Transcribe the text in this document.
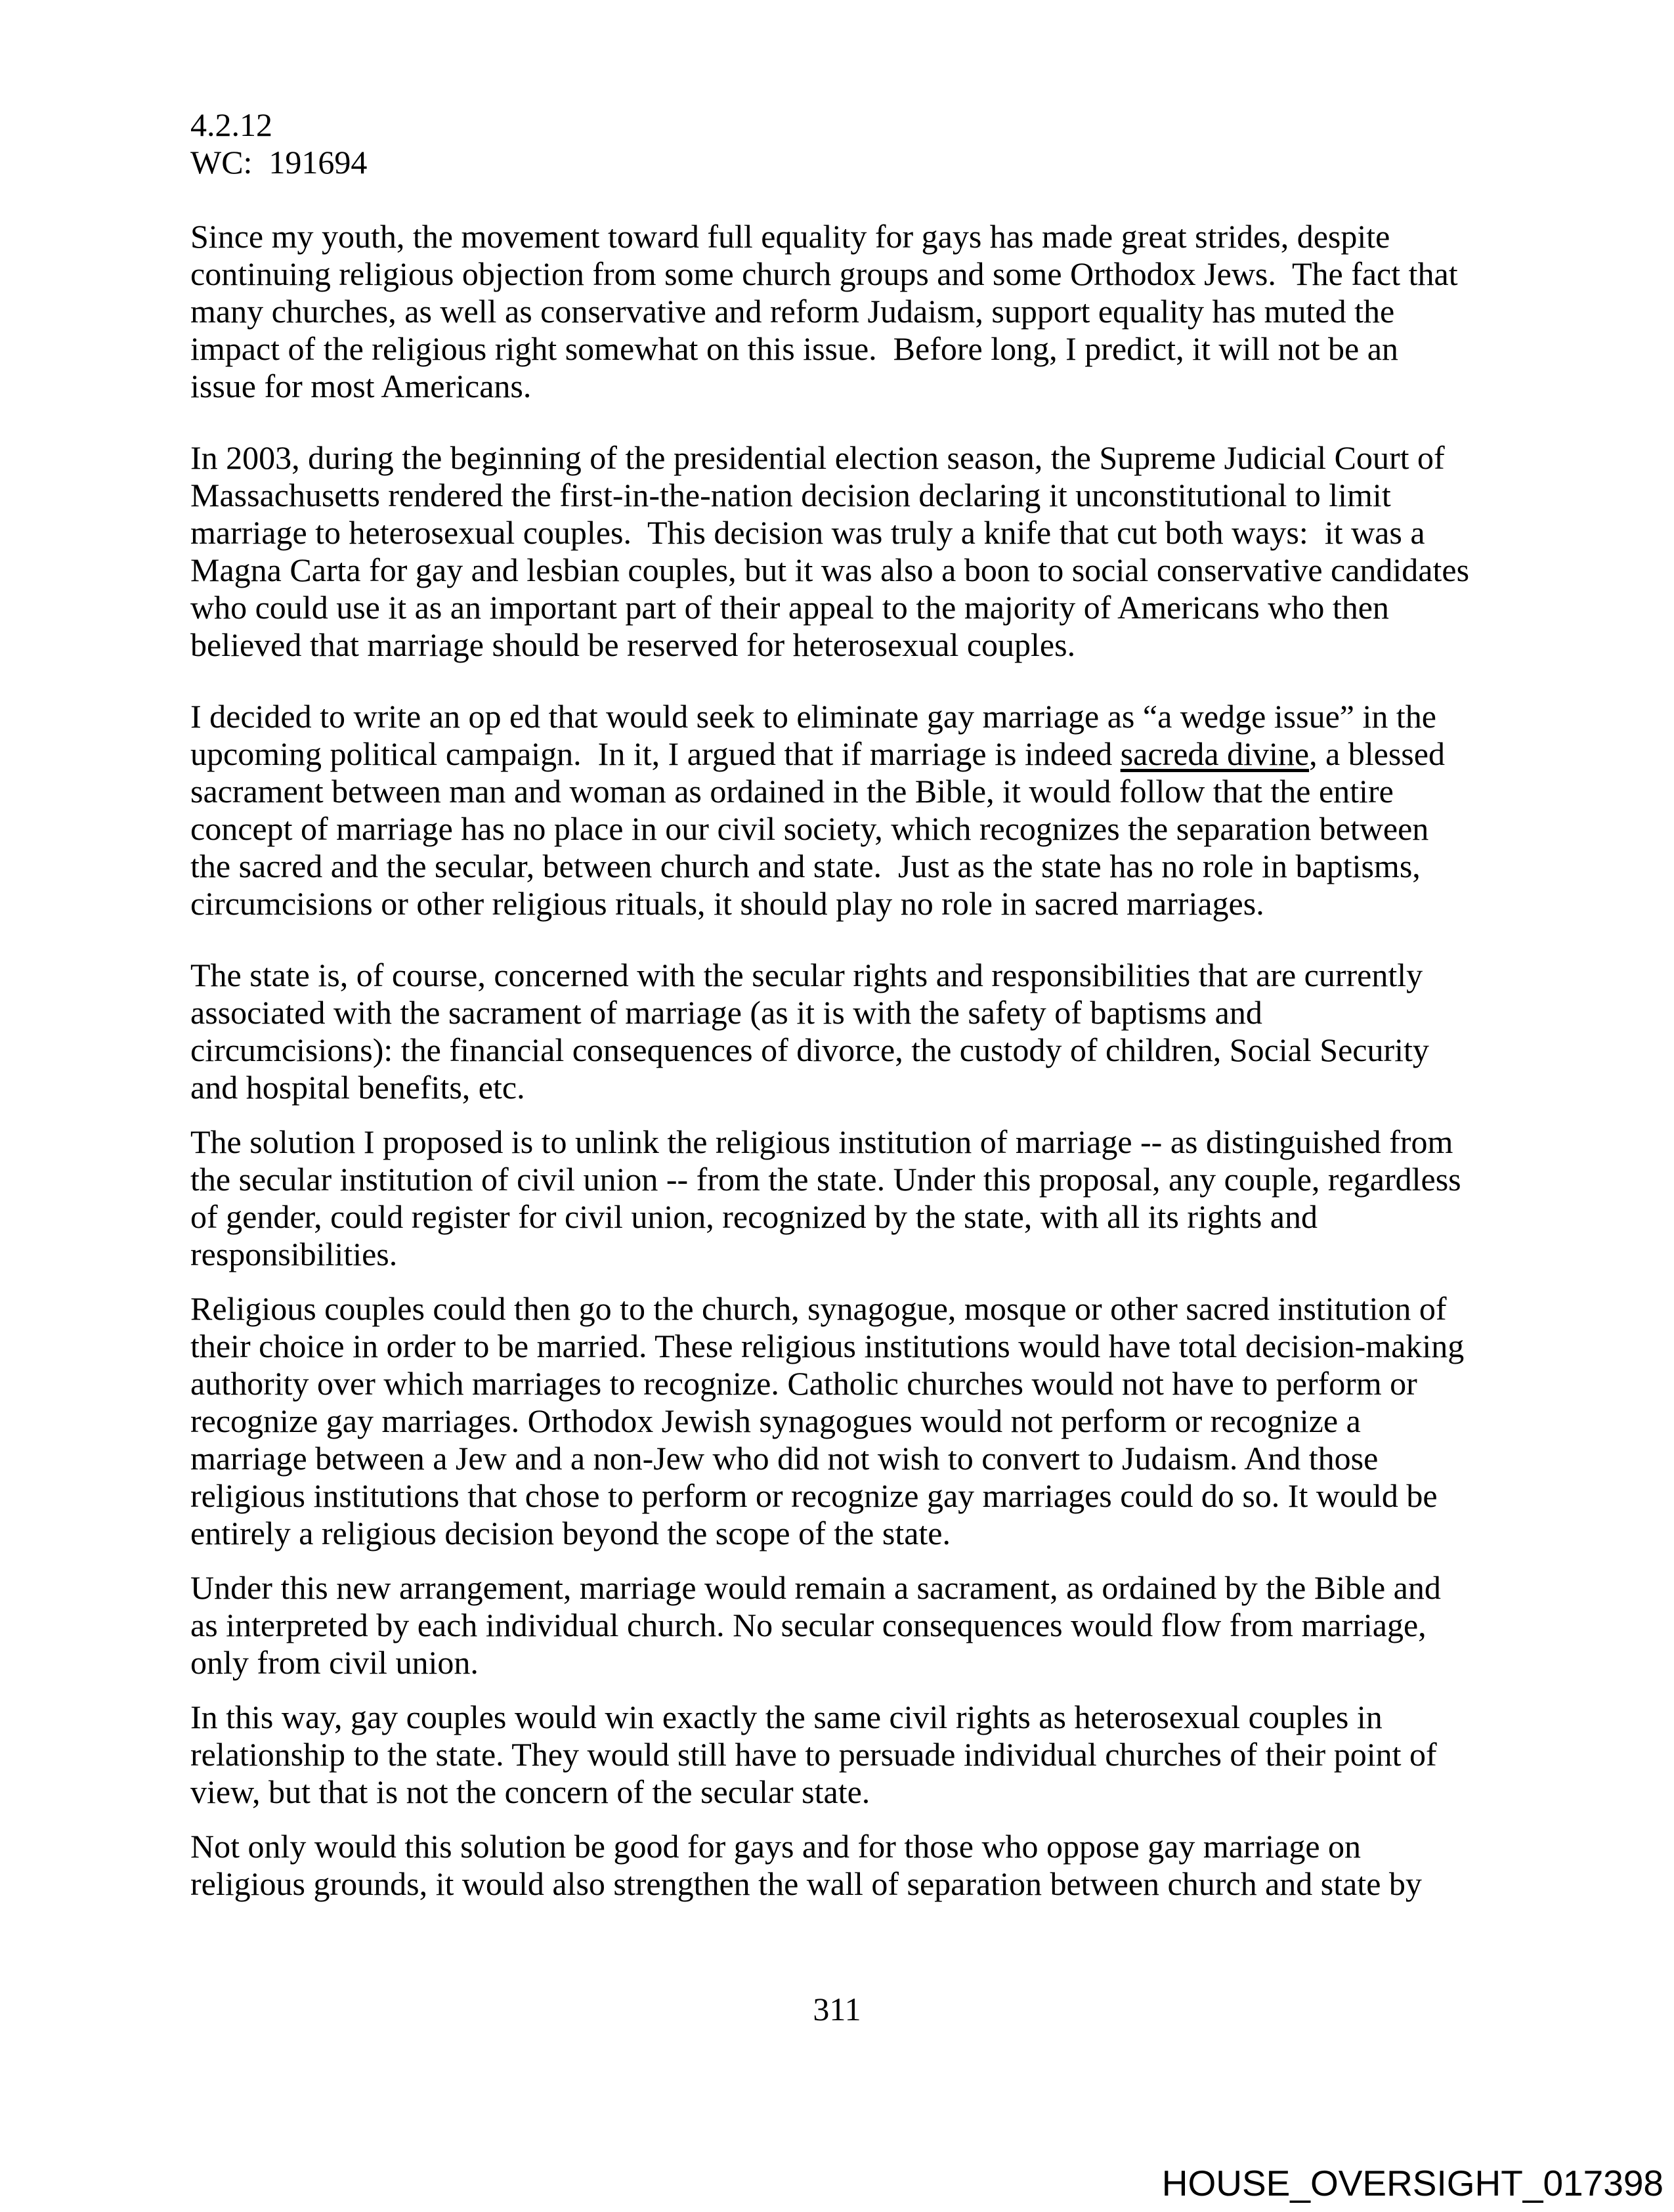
4.2.12
WC:  191694

Since my youth, the movement toward full equality for gays has made great strides, despite continuing religious objection from some church groups and some Orthodox Jews.  The fact that many churches, as well as conservative and reform Judaism, support equality has muted the impact of the religious right somewhat on this issue.  Before long, I predict, it will not be an issue for most Americans.

In 2003, during the beginning of the presidential election season, the Supreme Judicial Court of Massachusetts rendered the first-in-the-nation decision declaring it unconstitutional to limit marriage to heterosexual couples.  This decision was truly a knife that cut both ways:  it was a Magna Carta for gay and lesbian couples, but it was also a boon to social conservative candidates who could use it as an important part of their appeal to the majority of Americans who then believed that marriage should be reserved for heterosexual couples.

I decided to write an op ed that would seek to eliminate gay marriage as “a wedge issue” in the upcoming political campaign.  In it, I argued that if marriage is indeed sacreda divine, a blessed sacrament between man and woman as ordained in the Bible, it would follow that the entire concept of marriage has no place in our civil society, which recognizes the separation between the sacred and the secular, between church and state.  Just as the state has no role in baptisms, circumcisions or other religious rituals, it should play no role in sacred marriages.

The state is, of course, concerned with the secular rights and responsibilities that are currently associated with the sacrament of marriage (as it is with the safety of baptisms and circumcisions): the financial consequences of divorce, the custody of children, Social Security and hospital benefits, etc.

The solution I proposed is to unlink the religious institution of marriage -- as distinguished from the secular institution of civil union -- from the state. Under this proposal, any couple, regardless of gender, could register for civil union, recognized by the state, with all its rights and responsibilities.

Religious couples could then go to the church, synagogue, mosque or other sacred institution of their choice in order to be married. These religious institutions would have total decision-making authority over which marriages to recognize. Catholic churches would not have to perform or recognize gay marriages. Orthodox Jewish synagogues would not perform or recognize a marriage between a Jew and a non-Jew who did not wish to convert to Judaism. And those religious institutions that chose to perform or recognize gay marriages could do so. It would be entirely a religious decision beyond the scope of the state.

Under this new arrangement, marriage would remain a sacrament, as ordained by the Bible and as interpreted by each individual church. No secular consequences would flow from marriage, only from civil union.

In this way, gay couples would win exactly the same civil rights as heterosexual couples in relationship to the state. They would still have to persuade individual churches of their point of view, but that is not the concern of the secular state.

Not only would this solution be good for gays and for those who oppose gay marriage on religious grounds, it would also strengthen the wall of separation between church and state by

311
HOUSE_OVERSIGHT_017398
